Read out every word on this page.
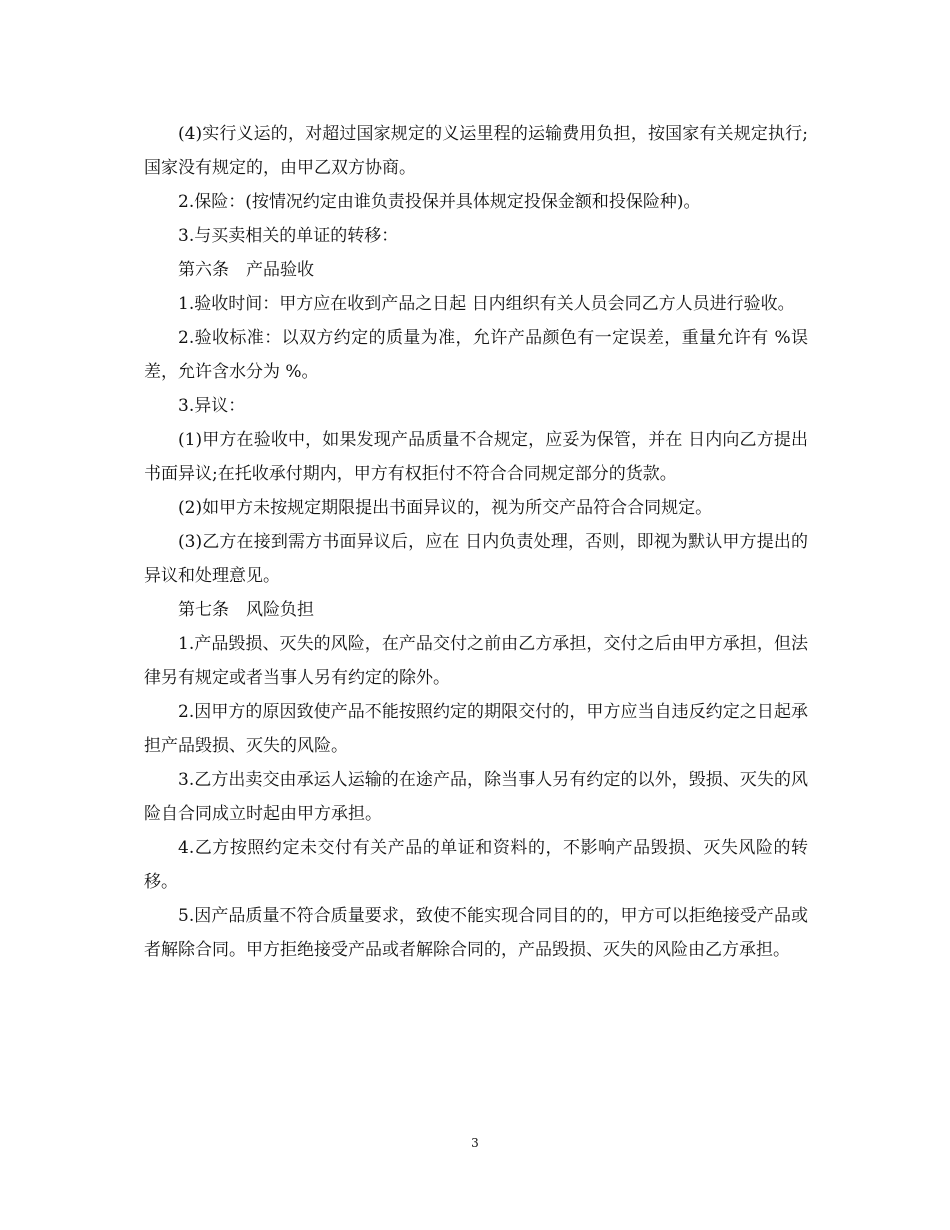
(4)实行义运的，对超过国家规定的义运里程的运输费用负担，按国家有关规定执行;国家没有规定的，由甲乙双方协商。

2.保险：(按情况约定由谁负责投保并具体规定投保金额和投保险种)。

3.与买卖相关的单证的转移：

第六条　产品验收

1.验收时间：甲方应在收到产品之日起 日内组织有关人员会同乙方人员进行验收。

2.验收标准：以双方约定的质量为准，允许产品颜色有一定误差，重量允许有 %误差，允许含水分为 %。

3.异议：

(1)甲方在验收中，如果发现产品质量不合规定，应妥为保管，并在 日内向乙方提出书面异议;在托收承付期内，甲方有权拒付不符合合同规定部分的货款。

(2)如甲方未按规定期限提出书面异议的，视为所交产品符合合同规定。

(3)乙方在接到需方书面异议后，应在 日内负责处理，否则，即视为默认甲方提出的异议和处理意见。

第七条　风险负担

1.产品毁损、灭失的风险，在产品交付之前由乙方承担，交付之后由甲方承担，但法律另有规定或者当事人另有约定的除外。

2.因甲方的原因致使产品不能按照约定的期限交付的，甲方应当自违反约定之日起承担产品毁损、灭失的风险。

3.乙方出卖交由承运人运输的在途产品，除当事人另有约定的以外，毁损、灭失的风险自合同成立时起由甲方承担。

4.乙方按照约定未交付有关产品的单证和资料的，不影响产品毁损、灭失风险的转移。

5.因产品质量不符合质量要求，致使不能实现合同目的的，甲方可以拒绝接受产品或者解除合同。甲方拒绝接受产品或者解除合同的，产品毁损、灭失的风险由乙方承担。

3
